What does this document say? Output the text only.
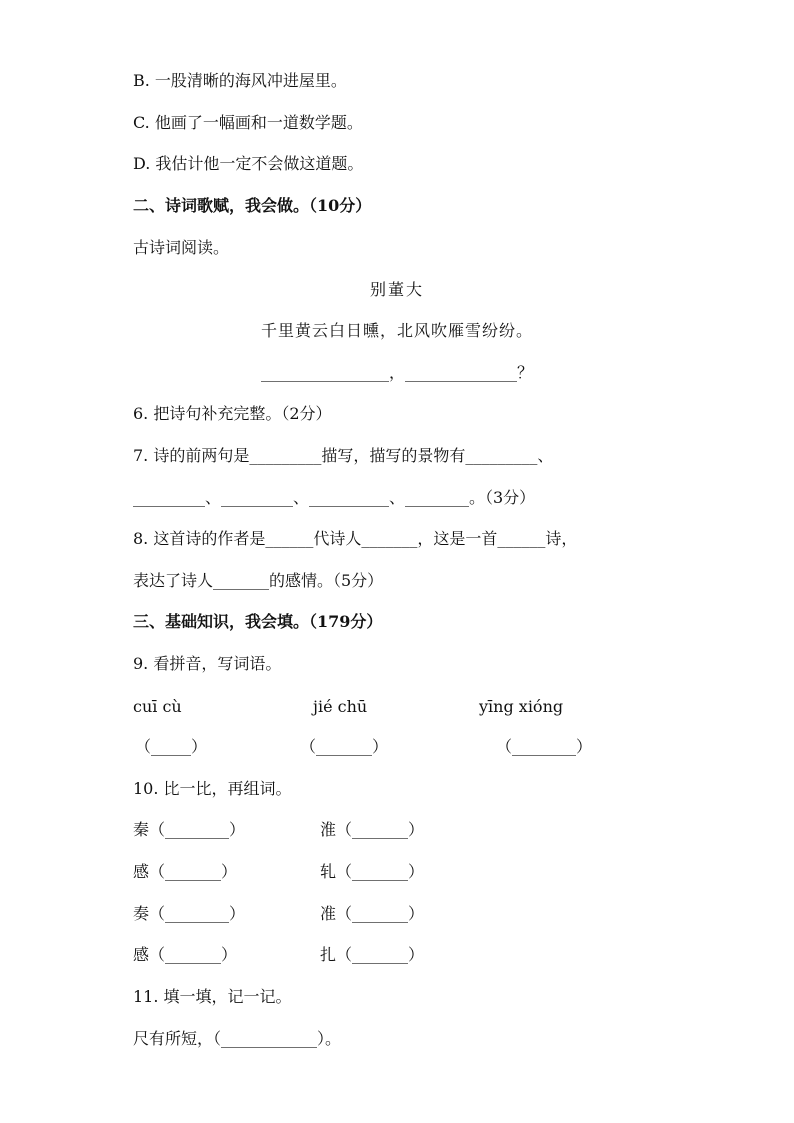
B. 一股清晰的海风冲进屋里。
C. 他画了一幅画和一道数学题。
D. 我估计他一定不会做这道题。
二、诗词歌赋，我会做。（10分）
古诗词阅读。
别董大
千里黄云白日曛，北风吹雁雪纷纷。
________________，______________？
6. 把诗句补充完整。（2分）
7. 诗的前两句是_________描写，描写的景物有_________、
_________、_________、__________、________。（3分）
8. 这首诗的作者是______代诗人_______，这是一首______诗，
表达了诗人_______的感情。（5分）
三、基础知识，我会填。（179分）
9. 看拼音，写词语。
cuī cù	jié chū	yīng xióng
（_____）	（_______）	（________）
10. 比一比，再组词。
秦（________）	淮（_______）
感（_______）	轧（_______）
奏（________）	准（_______）
感（_______）	扎（_______）
11. 填一填，记一记。
尺有所短，（____________）。
